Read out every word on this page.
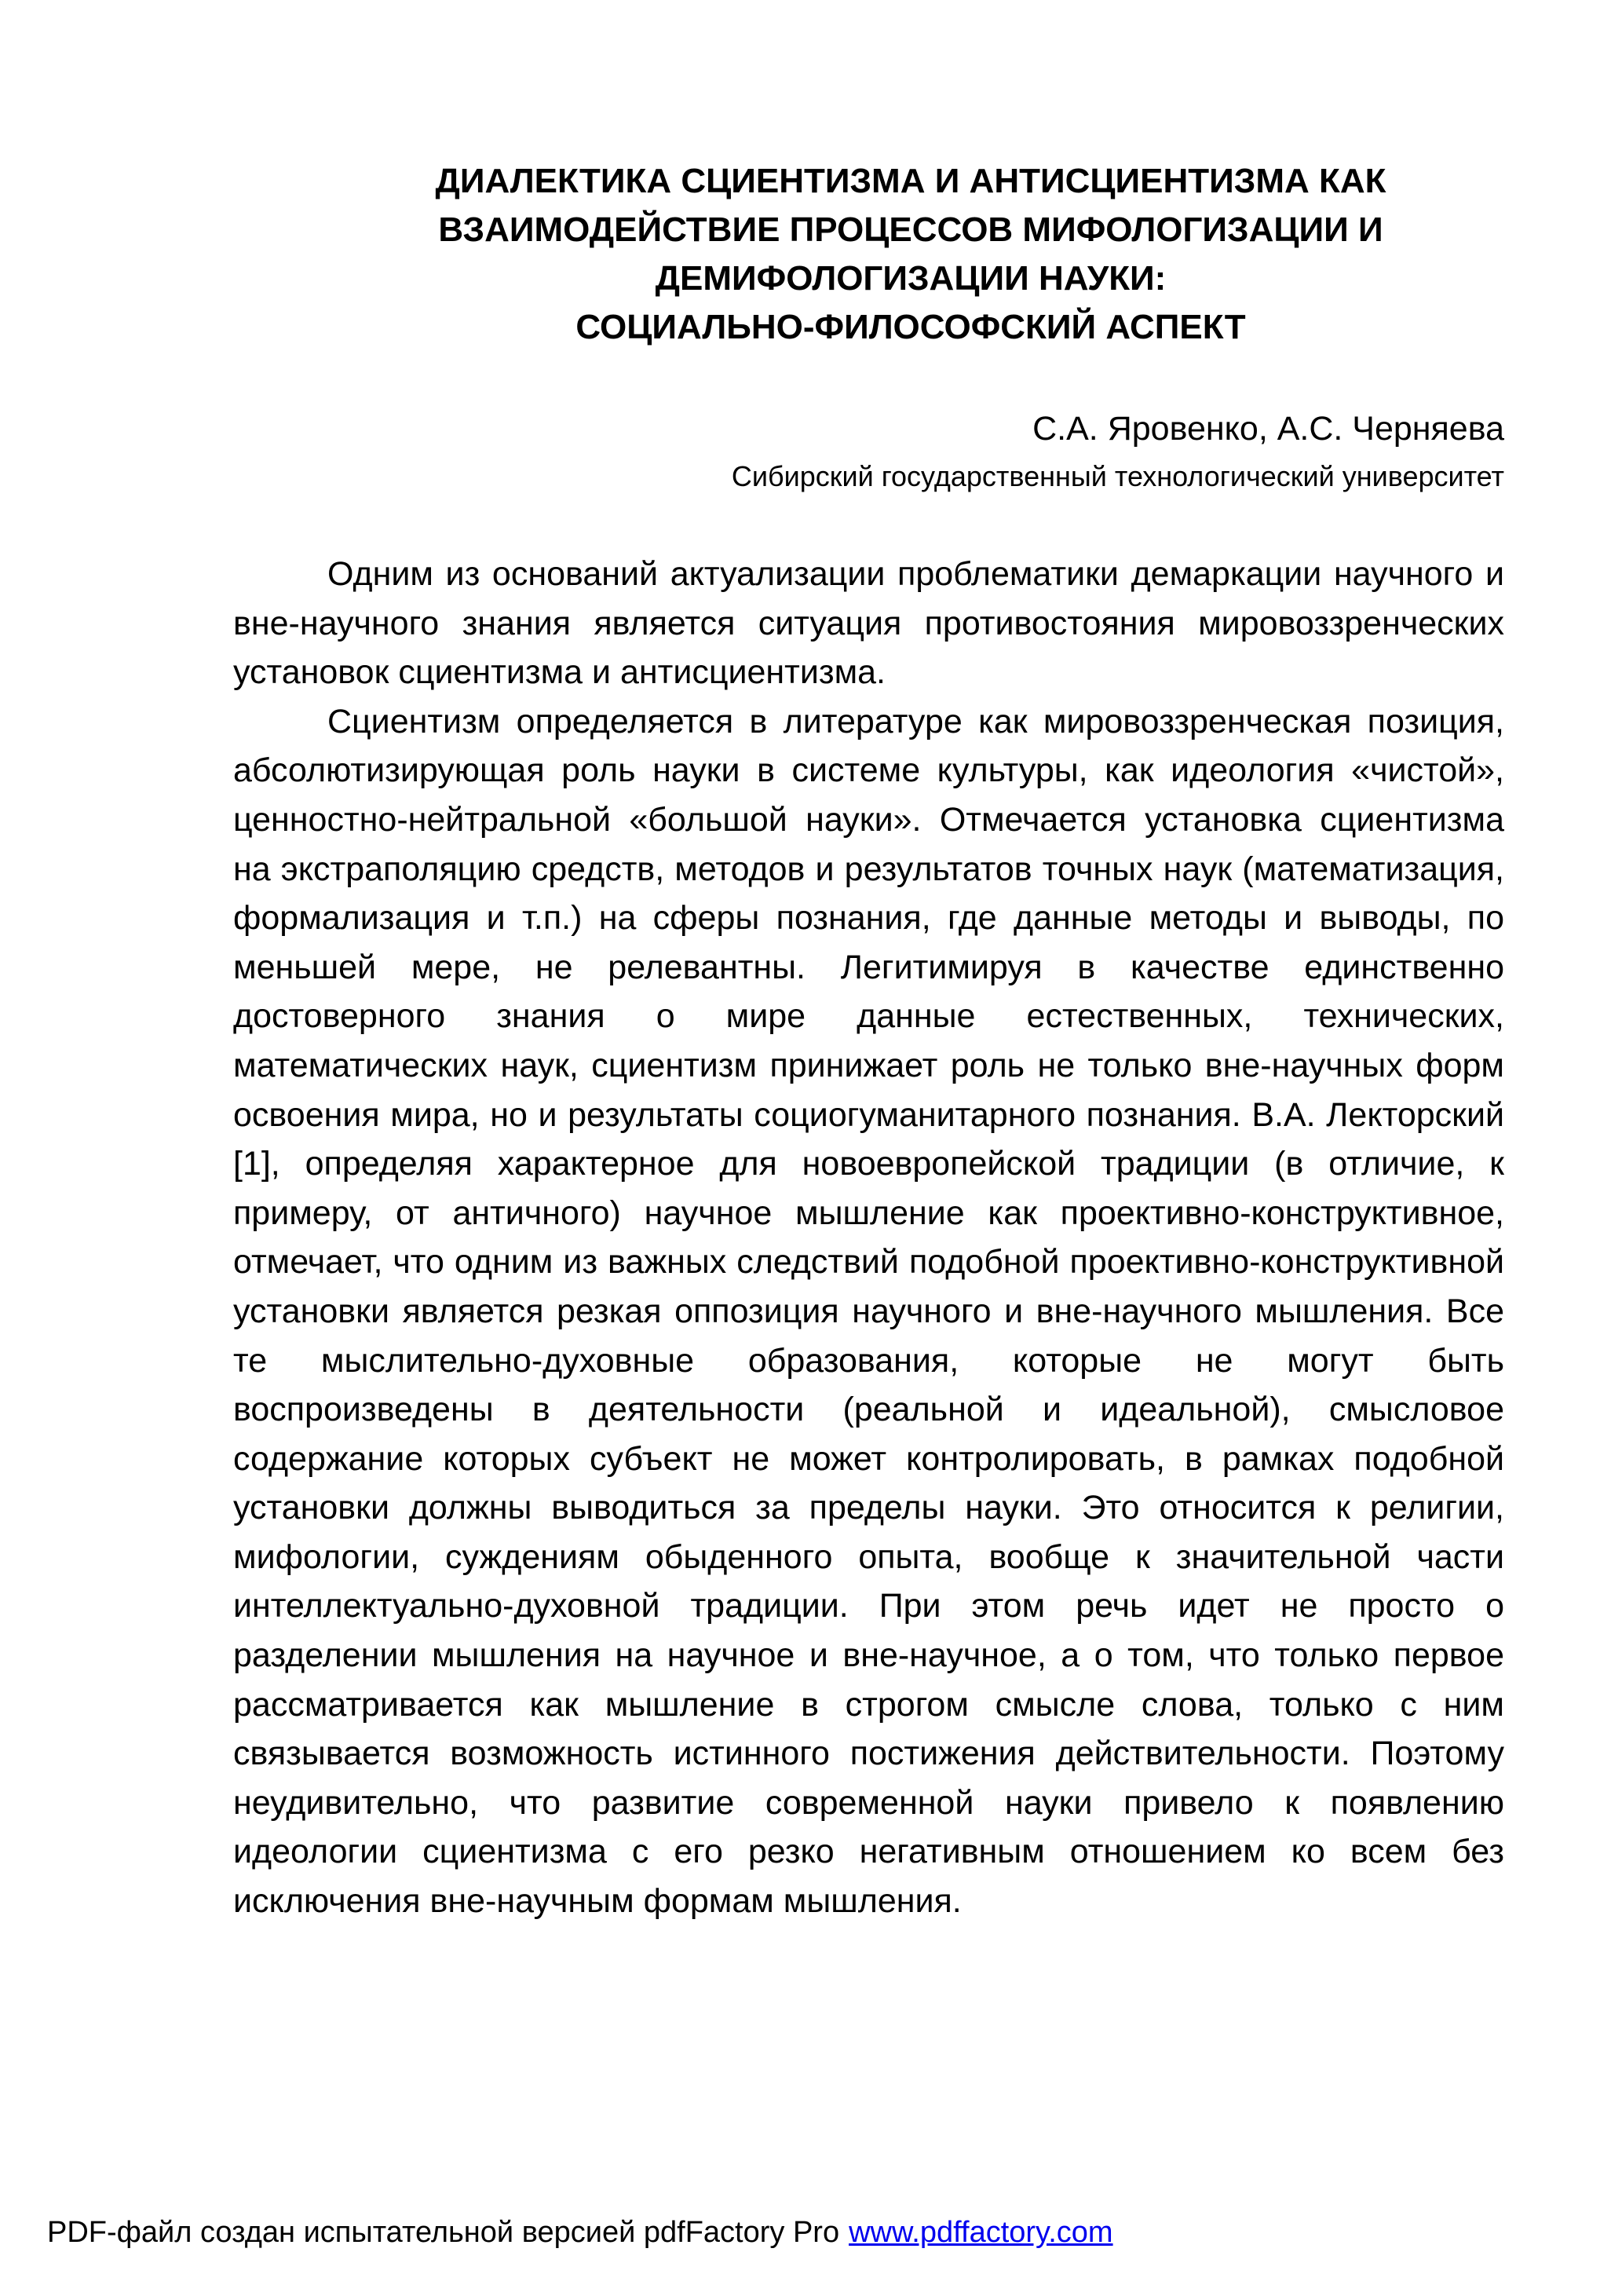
ДИАЛЕКТИКА СЦИЕНТИЗМА И АНТИСЦИЕНТИЗМА КАК
ВЗАИМОДЕЙСТВИЕ ПРОЦЕССОВ МИФОЛОГИЗАЦИИ И
ДЕМИФОЛОГИЗАЦИИ НАУКИ:
СОЦИАЛЬНО-ФИЛОСОФСКИЙ АСПЕКТ
С.А. Яровенко, А.С. Черняева
Сибирский государственный технологический университет

Одним из оснований актуализации проблематики демаркации научного и вне-научного знания является ситуация противостояния мировоззренческих установок сциентизма и антисциентизма.

Сциентизм определяется в литературе как мировоззренческая позиция, абсолютизирующая роль науки в системе культуры, как идеология «чистой», ценностно-нейтральной «большой науки». Отмечается установка сциентизма на экстраполяцию средств, методов и результатов точных наук (математизация, формализация и т.п.) на сферы познания, где данные методы и выводы, по меньшей мере, не релевантны. Легитимируя в качестве единственно достоверного знания о мире данные естественных, технических, математических наук, сциентизм принижает роль не только вне-научных форм освоения мира, но и результаты социогуманитарного познания. В.А. Лекторский [1], определяя характерное для новоевропейской традиции (в отличие, к примеру, от античного) научное мышление как проективно-конструктивное, отмечает, что одним из важных следствий подобной проективно-конструктивной установки является резкая оппозиция научного и вне-научного мышления. Все те мыслительно-духовные образования, которые не могут быть воспроизведены в деятельности (реальной и идеальной), смысловое содержание которых субъект не может контролировать, в рамках подобной установки должны выводиться за пределы науки. Это относится к религии, мифологии, суждениям обыденного опыта, вообще к значительной части интеллектуально-духовной традиции. При этом речь идет не просто о разделении мышления на научное и вне-научное, а о том, что только первое рассматривается как мышление в строгом смысле слова, только с ним связывается возможность истинного постижения действительности. Поэтому неудивительно, что развитие современной науки привело к появлению идеологии сциентизма с его резко негативным отношением ко всем без исключения вне-научным формам мышления.

PDF-файл создан испытательной версией pdfFactory Pro www.pdffactory.com
